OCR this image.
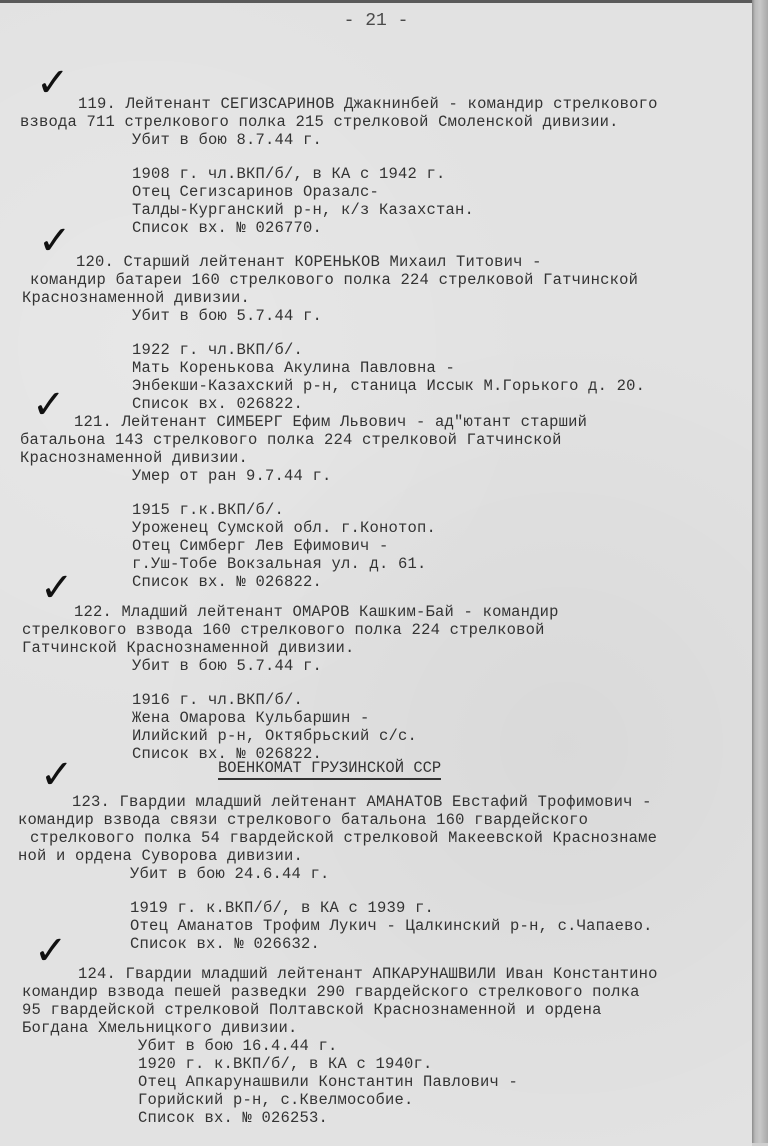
- 21 -
✓ 119. Лейтенант СЕГИЗСАРИНОВ Джакнинбей - командир стрелкового
взвода 711 стрелкового полка 215 стрелковой Смоленской дивизии.
Убит в бою 8.7.44 г.
1908 г. чл.ВКП/б/, в КА с 1942 г.
Отец Сегизсаринов Оразалс-
Талды-Курганский р-н, к/з Казахстан.
Список вх. № 026770.
✓ 120. Старший лейтенант КОРЕНЬКОВ Михаил Титович -
командир батареи 160 стрелкового полка 224 стрелковой Гатчинской
Краснознаменной дивизии.
Убит в бою 5.7.44 г.
1922 г. чл.ВКП/б/.
Мать Коренькова Акулина Павловна -
Энбекши-Казахский р-н, станица Иссык М.Горького д. 20.
Список вх. 026822.
✓ 121. Лейтенант СИМБЕРГ Ефим Львович - ад"ютант старший
батальона 143 стрелкового полка 224 стрелковой Гатчинской
Краснознаменной дивизии.
Умер от ран 9.7.44 г.
1915 г.к.ВКП/б/.
Уроженец Сумской обл. г.Конотоп.
Отец Симберг Лев Ефимович -
г.Уш-Тобе Вокзальная ул. д. 61.
Список вх. № 026822.
✓
122. Младший лейтенант ОМАРОВ Кашким-Бай - командир
стрелкового взвода 160 стрелкового полка 224 стрелковой
Гатчинской Краснознаменной дивизии.
Убит в бою 5.7.44 г.
1916 г. чл.ВКП/б/.
Жена Омарова Кульбаршин -
Илийский р-н, Октябрьский с/с.
Список вх. № 026822.
ВОЕНКОМАТ ГРУЗИНСКОЙ ССР
✓
123. Гвардии младший лейтенант АМАНАТОВ Евстафий Трофимович -
командир взвода связи стрелкового батальона 160 гвардейского
стрелкового полка 54 гвардейской стрелковой Макеевской Краснознаме
ной и ордена Суворова дивизии.
Убит в бою 24.6.44 г.
1919 г. к.ВКП/б/, в КА с 1939 г.
Отец Аманатов Трофим Лукич - Цалкинский р-н, с.Чапаево.
Список вх. № 026632.
✓ 124. Гвардии младший лейтенант АПКАРУНАШВИЛИ Иван Константино
командир взвода пешей разведки 290 гвардейского стрелкового полка
95 гвардейской стрелковой Полтавской Краснознаменной и ордена
Богдана Хмельницкого дивизии.
Убит в бою 16.4.44 г.
1920 г. к.ВКП/б/, в КА с 1940г.
Отец Апкарунашвили Константин Павлович -
Горийский р-н, с.Квелмособие.
Список вх. № 026253.
